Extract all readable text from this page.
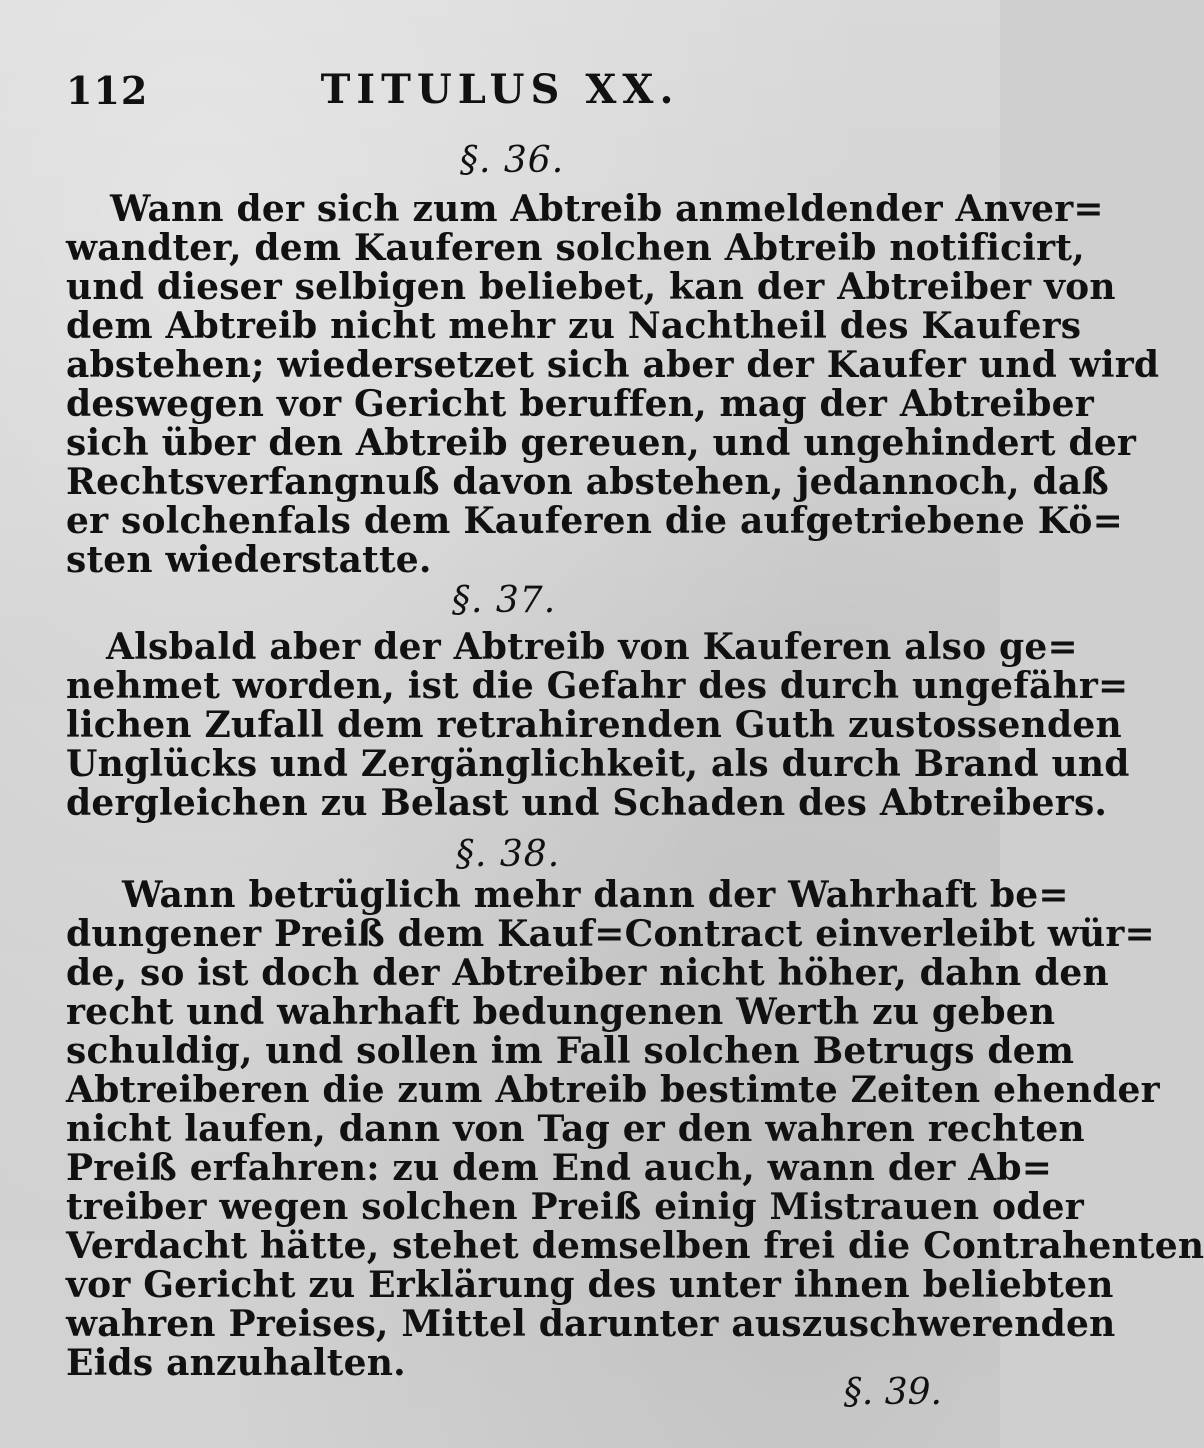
112	TITULUS XX.
§. 36.
Wann der sich zum Abtreib anmeldender Anver=
wandter, dem Kauferen solchen Abtreib notificirt,
und dieser selbigen beliebet, kan der Abtreiber von
dem Abtreib nicht mehr zu Nachtheil des Kaufers
abstehen; wiedersetzet sich aber der Kaufer und wird
deswegen vor Gericht beruffen, mag der Abtreiber
sich über den Abtreib gereuen, und ungehindert der
Rechtsverfangnuß davon abstehen, jedannoch, daß
er solchenfals dem Kauferen die aufgetriebene Kö=
sten wiederstatte.
§. 37.
Alsbald aber der Abtreib von Kauferen also ge=
nehmet worden, ist die Gefahr des durch ungefähr=
lichen Zufall dem retrahirenden Guth zustossenden
Unglücks und Zergänglichkeit, als durch Brand und
dergleichen zu Belast und Schaden des Abtreibers.
§. 38.
Wann betrüglich mehr dann der Wahrhaft be=
dungener Preiß dem Kauf=Contract einverleibt wür=
de, so ist doch der Abtreiber nicht höher, dahn den
recht und wahrhaft bedungenen Werth zu geben
schuldig, und sollen im Fall solchen Betrugs dem
Abtreiberen die zum Abtreib bestimte Zeiten ehender
nicht laufen, dann von Tag er den wahren rechten
Preiß erfahren: zu dem End auch, wann der Ab=
treiber wegen solchen Preiß einig Mistrauen oder
Verdacht hätte, stehet demselben frei die Contrahenten
vor Gericht zu Erklärung des unter ihnen beliebten
wahren Preises, Mittel darunter auszuschwerenden
Eids anzuhalten.
§. 39.
